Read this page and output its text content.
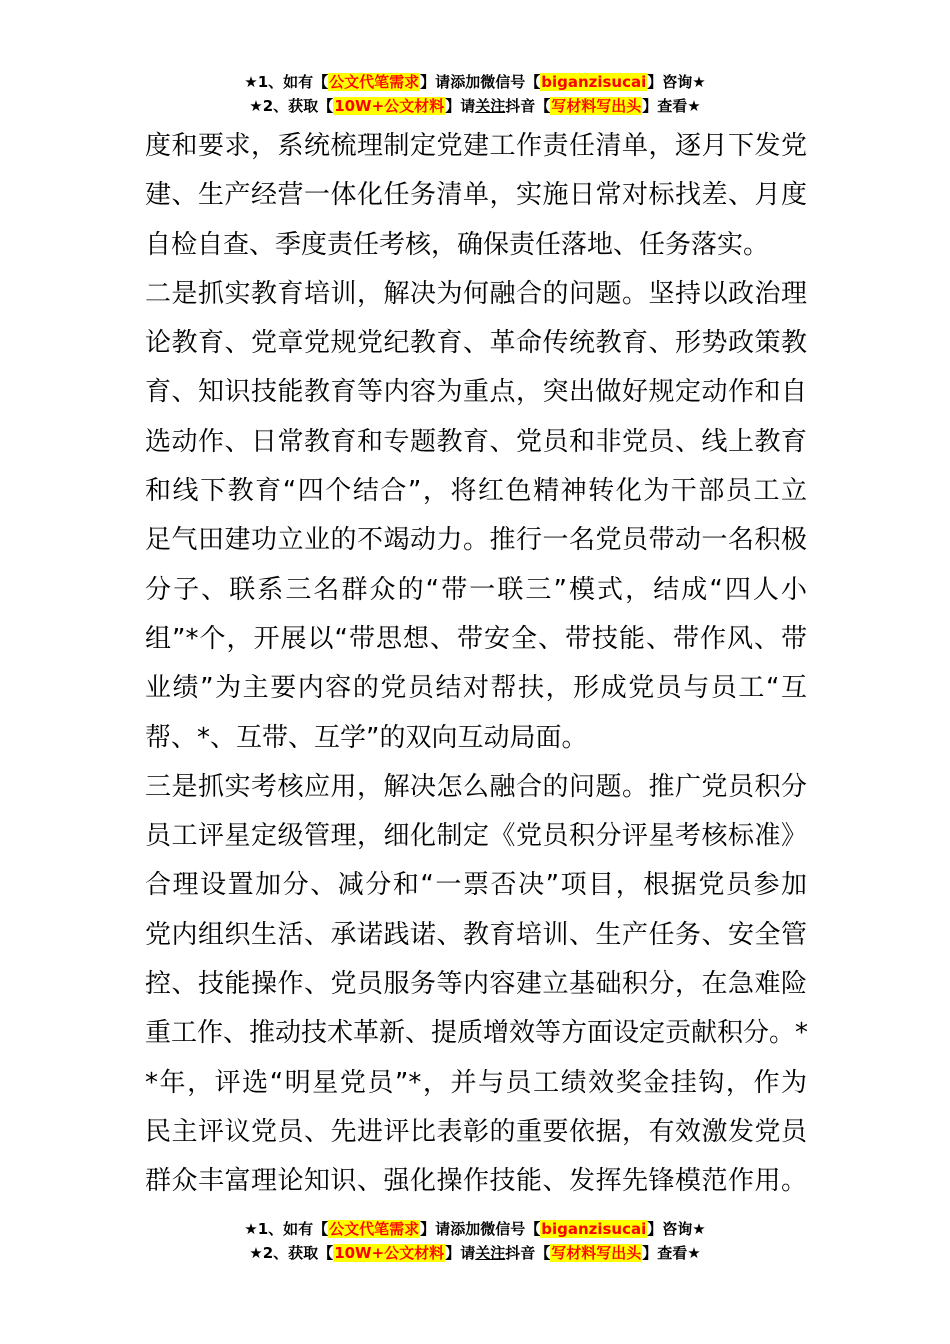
★1、如有【公文代笔需求】请添加微信号【biganzisucai】咨询★
★2、获取【10W+公文材料】请关注抖音【写材料写出头】查看★
度和要求，系统梳理制定党建工作责任清单，逐月下发党
建、生产经营一体化任务清单，实施日常对标找差、月度
自检自查、季度责任考核，确保责任落地、任务落实。
二是抓实教育培训，解决为何融合的问题。坚持以政治理
论教育、党章党规党纪教育、革命传统教育、形势政策教
育、知识技能教育等内容为重点，突出做好规定动作和自
选动作、日常教育和专题教育、党员和非党员、线上教育
和线下教育“四个结合”，将红色精神转化为干部员工立
足气田建功立业的不竭动力。推行一名党员带动一名积极
分子、联系三名群众的“带一联三”模式，结成“四人小
组”*个，开展以“带思想、带安全、带技能、带作风、带
业绩”为主要内容的党员结对帮扶，形成党员与员工“互
帮、*、互带、互学”的双向互动局面。
三是抓实考核应用，解决怎么融合的问题。推广党员积分
员工评星定级管理，细化制定《党员积分评星考核标准》
合理设置加分、减分和“一票否决”项目，根据党员参加
党内组织生活、承诺践诺、教育培训、生产任务、安全管
控、技能操作、党员服务等内容建立基础积分，在急难险
重工作、推动技术革新、提质增效等方面设定贡献积分。*
*年，评选“明星党员”*，并与员工绩效奖金挂钩，作为
民主评议党员、先进评比表彰的重要依据，有效激发党员
群众丰富理论知识、强化操作技能、发挥先锋模范作用。
★1、如有【公文代笔需求】请添加微信号【biganzisucai】咨询★
★2、获取【10W+公文材料】请关注抖音【写材料写出头】查看★
